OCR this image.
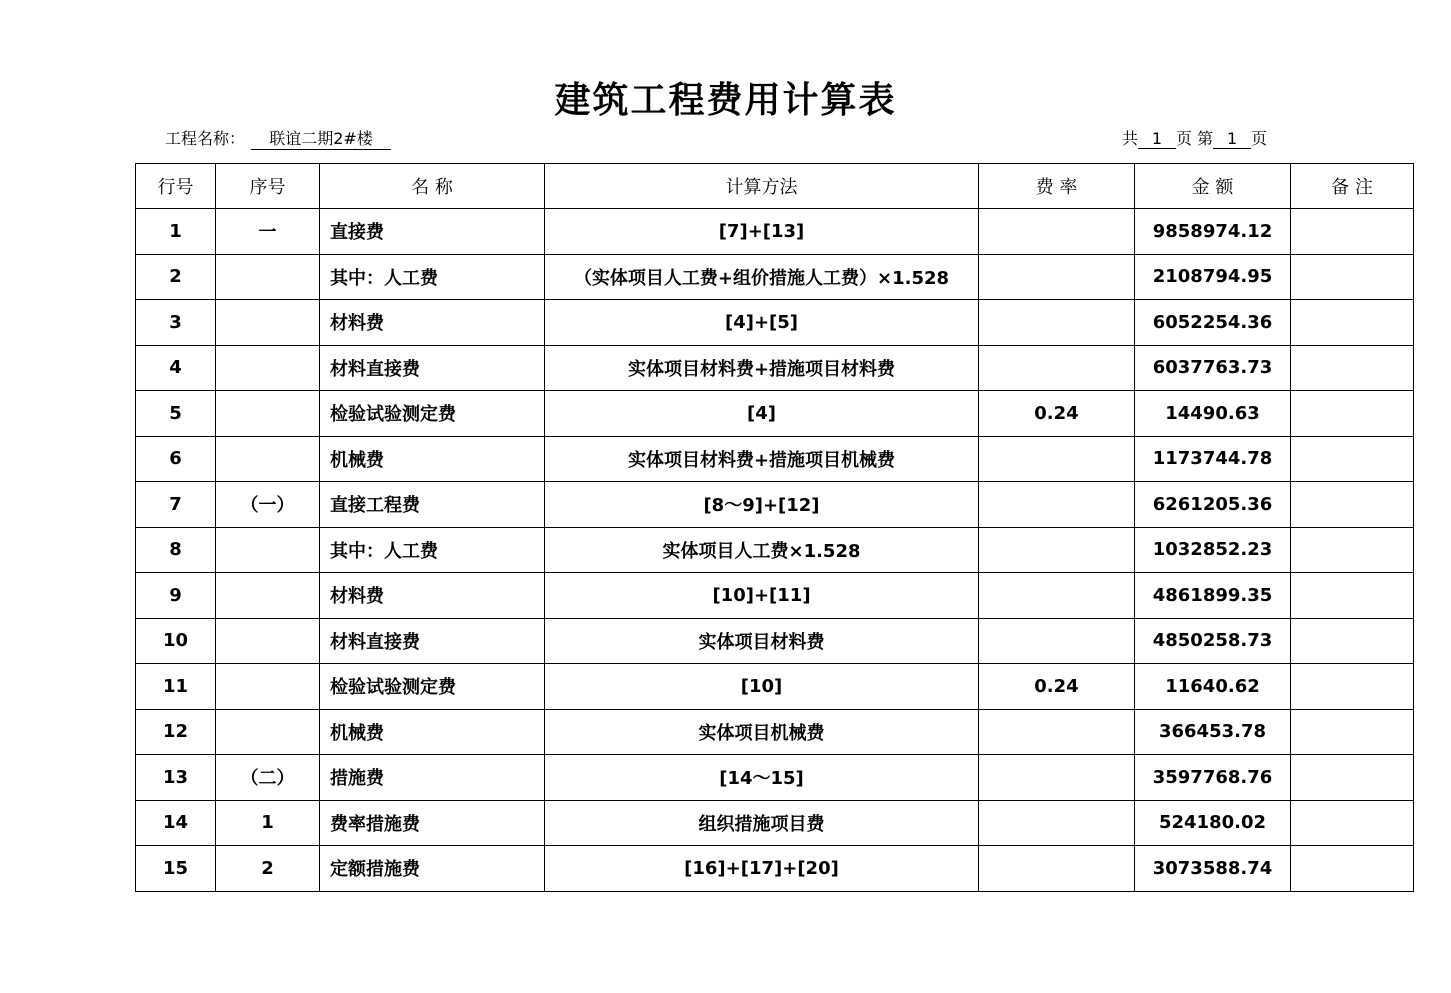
建筑工程费用计算表
工程名称： 联谊二期2#楼	共 1 页 第 1 页
行号	序号	名 称	计算方法	费 率	金 额	备 注
1	一	直接费	[7]+[13]		9858974.12	
2		其中：人工费	（实体项目人工费+组价措施人工费）×1.528		2108794.95	
3		材料费	[4]+[5]		6052254.36	
4		材料直接费	实体项目材料费+措施项目材料费		6037763.73	
5		检验试验测定费	[4]	0.24	14490.63	
6		机械费	实体项目材料费+措施项目机械费		1173744.78	
7	（一）	直接工程费	[8～9]+[12]		6261205.36	
8		其中：人工费	实体项目人工费×1.528		1032852.23	
9		材料费	[10]+[11]		4861899.35	
10		材料直接费	实体项目材料费		4850258.73	
11		检验试验测定费	[10]	0.24	11640.62	
12		机械费	实体项目机械费		366453.78	
13	（二）	措施费	[14～15]		3597768.76	
14	1	费率措施费	组织措施项目费		524180.02	
15	2	定额措施费	[16]+[17]+[20]		3073588.74	
